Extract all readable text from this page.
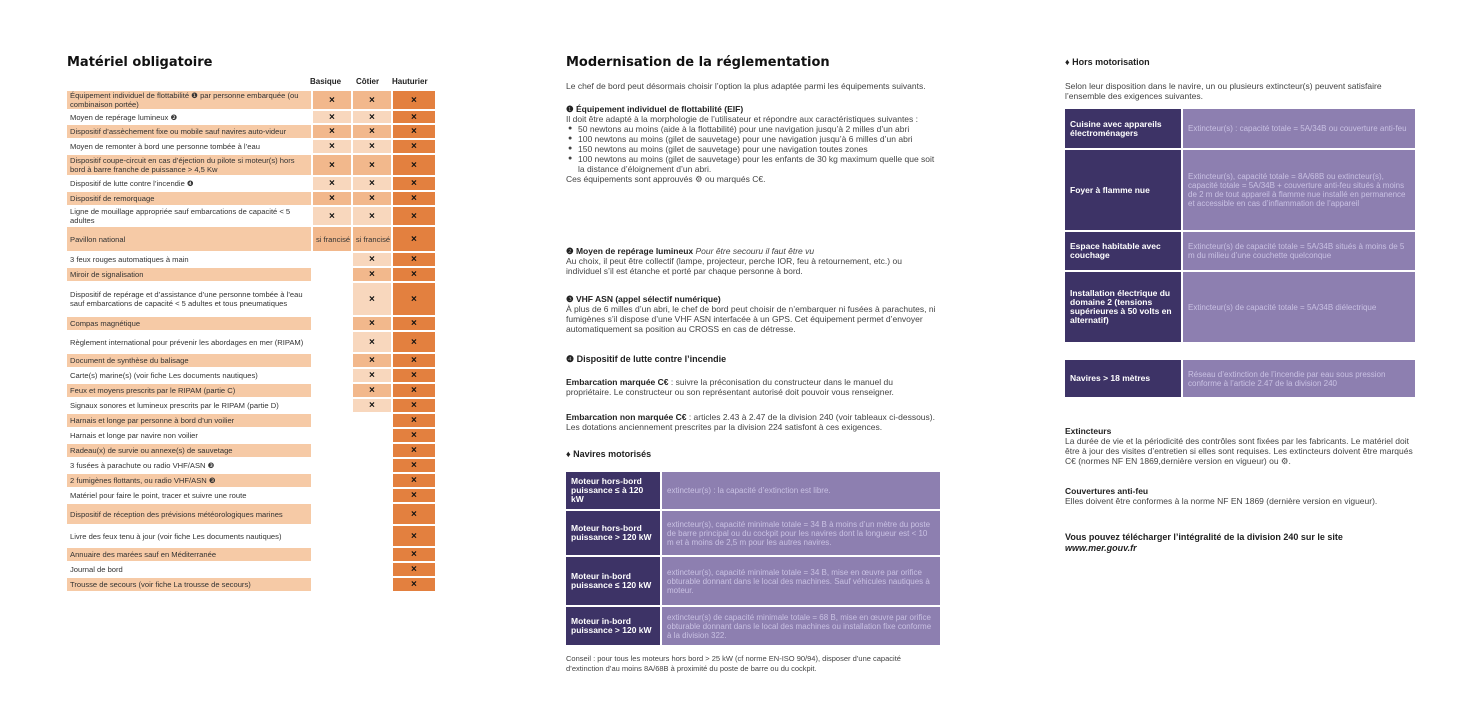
Matériel obligatoire
Basique Côtier Hauturier
Équipement individuel de flottabilité ❶ par personne embarquée (ou combinaison portée)	×	×	×
Moyen de repérage lumineux ❷	×	×	×
Dispositif d’assèchement fixe ou mobile sauf navires auto-videur	×	×	×
Moyen de remonter à bord une personne tombée à l’eau	×	×	×
Dispositif coupe-circuit en cas d’éjection du pilote si moteur(s) hors bord à barre franche de puissance > 4,5 Kw	×	×	×
Dispositif de lutte contre l’incendie ❹	×	×	×
Dispositif de remorquage	×	×	×
Ligne de mouillage appropriée sauf embarcations de capacité < 5 adultes	×	×	×
Pavillon national	si francisé	si francisé	×
3 feux rouges automatiques à main		×	×
Miroir de signalisation		×	×
Dispositif de repérage et d’assistance d’une personne tombée à l’eau sauf embarcations de capacité < 5 adultes et tous pneumatiques		×	×
Compas magnétique		×	×
Règlement international pour prévenir les abordages en mer (RIPAM)		×	×
Document de synthèse du balisage		×	×
Carte(s) marine(s) (voir fiche Les documents nautiques)		×	×
Feux et moyens prescrits par le RIPAM (partie C)		×	×
Signaux sonores et lumineux prescrits par le RIPAM (partie D)		×	×
Harnais et longe par personne à bord d’un voilier			×
Harnais et longe par navire non voilier			×
Radeau(x) de survie ou annexe(s) de sauvetage			×
3 fusées à parachute ou radio VHF/ASN ❸			×
2 fumigènes flottants, ou radio VHF/ASN ❸			×
Matériel pour faire le point, tracer et suivre une route			×
Dispositif de réception des prévisions météorologiques marines			×
Livre des feux tenu à jour (voir fiche Les documents nautiques)			×
Annuaire des marées sauf en Méditerranée			×
Journal de bord			×
Trousse de secours (voir fiche La trousse de secours)			×
Modernisation de la réglementation
Le chef de bord peut désormais choisir l’option la plus adaptée parmi les équipements suivants.
❶ Équipement individuel de flottabilité (EIF)
Il doit être adapté à la morphologie de l’utilisateur et répondre aux caractéristiques suivantes :
● 50 newtons au moins (aide à la flottabilité) pour une navigation jusqu’à 2 milles d’un abri
● 100 newtons au moins (gilet de sauvetage) pour une navigation jusqu’à 6 milles d’un abri
● 150 newtons au moins (gilet de sauvetage) pour une navigation toutes zones
● 100 newtons au moins (gilet de sauvetage) pour les enfants de 30 kg maximum quelle que soit la distance d’éloignement d’un abri.
Ces équipements sont approuvés ⚙ ou marqués C€.
❷ Moyen de repérage lumineux Pour être secouru il faut être vu
Au choix, il peut être collectif (lampe, projecteur, perche IOR, feu à retournement, etc.) ou individuel s’il est étanche et porté par chaque personne à bord.
❸ VHF ASN (appel sélectif numérique)
À plus de 6 milles d’un abri, le chef de bord peut choisir de n’embarquer ni fusées à parachutes, ni fumigènes s’il dispose d’une VHF ASN interfacée à un GPS. Cet équipement permet d’envoyer automatiquement sa position au CROSS en cas de détresse.
❹ Dispositif de lutte contre l’incendie
Embarcation marquée C€ : suivre la préconisation du constructeur dans le manuel du propriétaire. Le constructeur ou son représentant autorisé doit pouvoir vous renseigner.
Embarcation non marquée C€ : articles 2.43 à 2.47 de la division 240 (voir tableaux ci-dessous). Les dotations anciennement prescrites par la division 224 satisfont à ces exigences.
♦ Navires motorisés
Moteur hors-bord puissance ≤ à 120 kW	extincteur(s) : la capacité d’extinction est libre.
Moteur hors-bord puissance > 120 kW	extincteur(s), capacité minimale totale = 34 B à moins d’un mètre du poste de barre principal ou du cockpit pour les navires dont la longueur est < 10 m et à moins de 2,5 m pour les autres navires.
Moteur in-bord puissance ≤ 120 kW	extincteur(s), capacité minimale totale = 34 B, mise en œuvre par orifice obturable donnant dans le local des machines. Sauf véhicules nautiques à moteur.
Moteur in-bord puissance > 120 kW	extincteur(s) de capacité minimale totale = 68 B, mise en œuvre par orifice obturable donnant dans le local des machines ou installation fixe conforme à la division 322.
Conseil : pour tous les moteurs hors bord > 25 kW (cf norme EN-ISO 90/94), disposer d’une capacité d’extinction d’au moins 8A/68B à proximité du poste de barre ou du cockpit.
♦ Hors motorisation
Selon leur disposition dans le navire, un ou plusieurs extincteur(s) peuvent satisfaire l’ensemble des exigences suivantes.
Cuisine avec appareils électroménagers	Extincteur(s) : capacité totale = 5A/34B ou couverture anti-feu
Foyer à flamme nue	Extincteur(s), capacité totale = 8A/68B ou extincteur(s), capacité totale = 5A/34B + couverture anti-feu situés à moins de 2 m de tout appareil à flamme nue installé en permanence et accessible en cas d’inflammation de l’appareil
Espace habitable avec couchage	Extincteur(s) de capacité totale = 5A/34B situés à moins de 5 m du milieu d’une couchette quelconque
Installation électrique du domaine 2 (tensions supérieures à 50 volts en alternatif)	Extincteur(s) de capacité totale = 5A/34B diélectrique
Navires > 18 mètres	Réseau d’extinction de l’incendie par eau sous pression conforme à l’article 2.47 de la division 240
Extincteurs
La durée de vie et la périodicité des contrôles sont fixées par les fabricants. Le matériel doit être à jour des visites d’entretien si elles sont requises. Les extincteurs doivent être marqués C€ (normes NF EN 1869,dernière version en vigueur) ou ⚙.
Couvertures anti-feu
Elles doivent être conformes à la norme NF EN 1869 (dernière version en vigueur).
Vous pouvez télécharger l’intégralité de la division 240 sur le site
www.mer.gouv.fr
